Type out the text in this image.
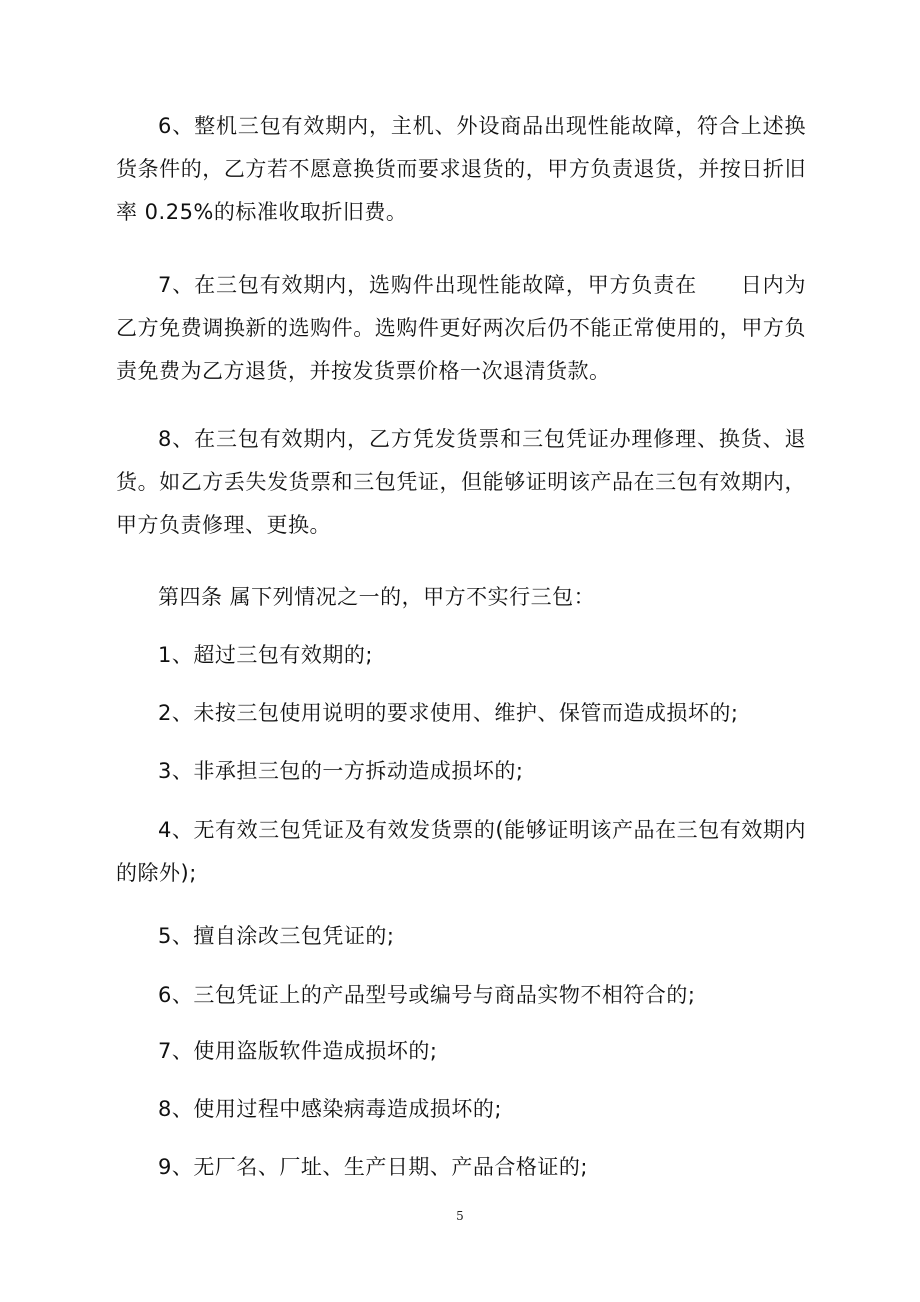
6、整机三包有效期内，主机、外设商品出现性能故障，符合上述换货条件的，乙方若不愿意换货而要求退货的，甲方负责退货，并按日折旧率 0.25%的标准收取折旧费。

7、在三包有效期内，选购件出现性能故障，甲方负责在　　日内为乙方免费调换新的选购件。选购件更好两次后仍不能正常使用的，甲方负责免费为乙方退货，并按发货票价格一次退清货款。

8、在三包有效期内，乙方凭发货票和三包凭证办理修理、换货、退货。如乙方丢失发货票和三包凭证，但能够证明该产品在三包有效期内，甲方负责修理、更换。

第四条 属下列情况之一的，甲方不实行三包：

1、超过三包有效期的;

2、未按三包使用说明的要求使用、维护、保管而造成损坏的;

3、非承担三包的一方拆动造成损坏的;

4、无有效三包凭证及有效发货票的(能够证明该产品在三包有效期内的除外);

5、擅自涂改三包凭证的;

6、三包凭证上的产品型号或编号与商品实物不相符合的;

7、使用盗版软件造成损坏的;

8、使用过程中感染病毒造成损坏的;

9、无厂名、厂址、生产日期、产品合格证的;

5
